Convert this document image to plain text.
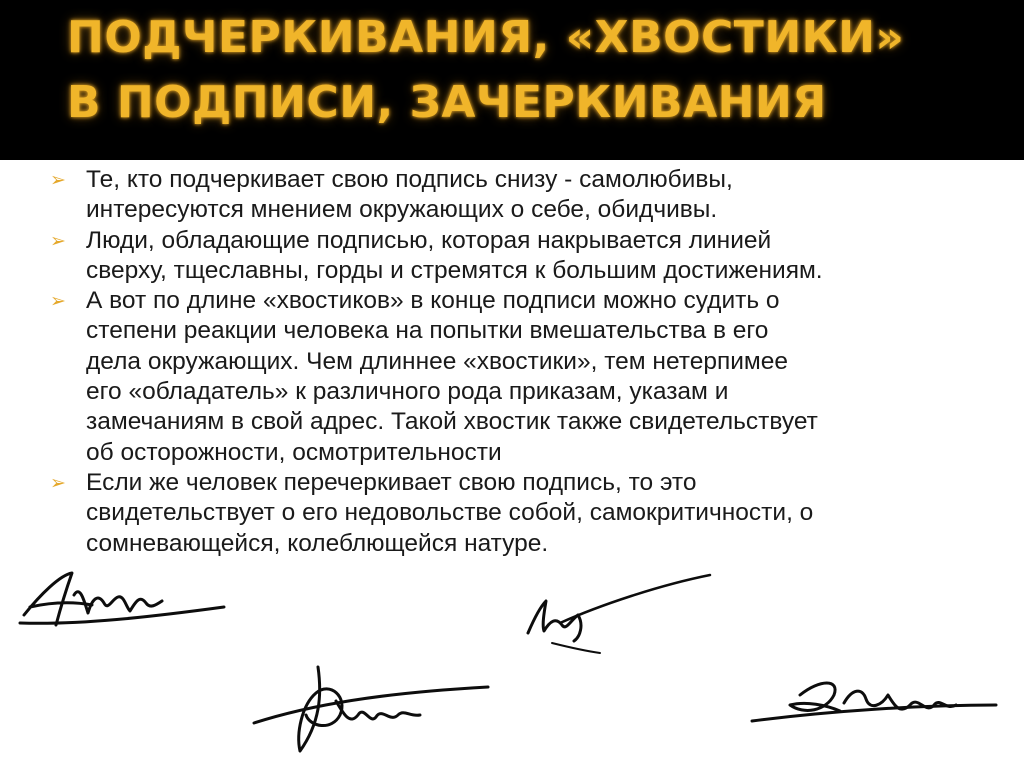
ПОДЧЕРКИВАНИЯ, «ХВОСТИКИ»
В ПОДПИСИ, ЗАЧЕРКИВАНИЯ
➢ Те, кто подчеркивает свою подпись снизу - самолюбивы,
интересуются мнением окружающих о себе, обидчивы.
➢ Люди, обладающие подписью, которая накрывается линией
сверху, тщеславны, горды и стремятся к большим достижениям.
➢ А вот по длине «хвостиков» в конце подписи можно судить о
степени реакции человека на попытки вмешательства в его
дела окружающих. Чем длиннее «хвостики», тем нетерпимее
его «обладатель» к различного рода приказам, указам и
замечаниям в свой адрес. Такой хвостик также свидетельствует
об осторожности, осмотрительности
➢ Если же человек перечеркивает свою подпись, то это
свидетельствует о его недовольстве собой, самокритичности, о
сомневающейся, колеблющейся натуре.
